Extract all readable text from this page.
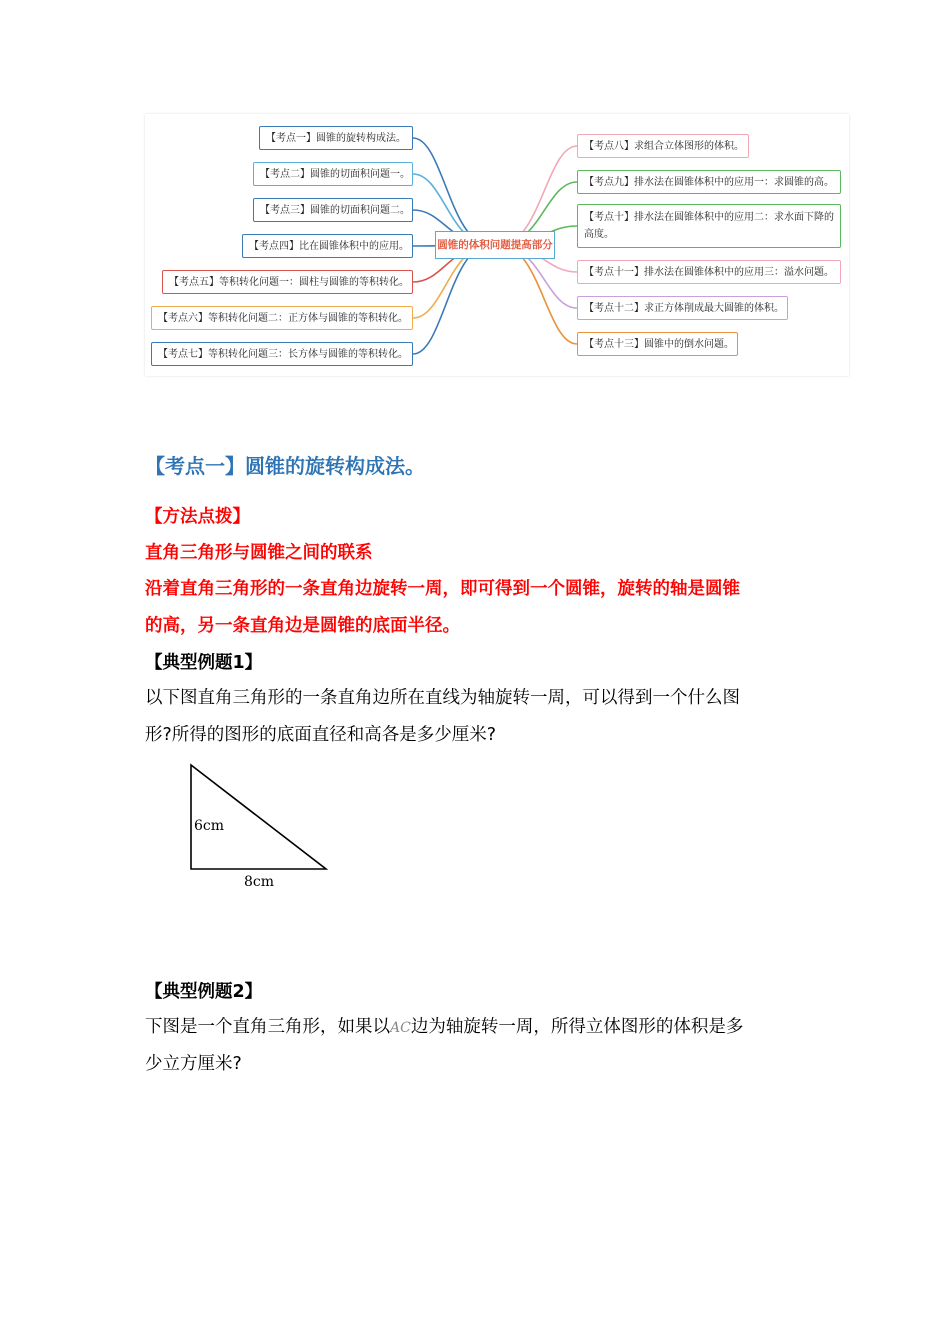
圆锥的体积问题提高部分
【考点一】圆锥的旋转构成法。
【考点二】圆锥的切面积问题一。
【考点三】圆锥的切面积问题二。
【考点四】比在圆锥体积中的应用。
【考点五】等积转化问题一：圆柱与圆锥的等积转化。
【考点六】等积转化问题二：正方体与圆锥的等积转化。
【考点七】等积转化问题三：长方体与圆锥的等积转化。
【考点八】求组合立体图形的体积。
【考点九】排水法在圆锥体积中的应用一：求圆锥的高。
【考点十】排水法在圆锥体积中的应用二：求水面下降的高度。
【考点十一】排水法在圆锥体积中的应用三：溢水问题。
【考点十二】求正方体削成最大圆锥的体积。
【考点十三】圆锥中的倒水问题。
【考点一】圆锥的旋转构成法。
【方法点拨】
直角三角形与圆锥之间的联系
沿着直角三角形的一条直角边旋转一周，即可得到一个圆锥，旋转的轴是圆锥
的高，另一条直角边是圆锥的底面半径。
【典型例题1】
以下图直角三角形的一条直角边所在直线为轴旋转一周，可以得到一个什么图
形?所得的图形的底面直径和高各是多少厘米?
6cm
8cm
【典型例题2】
下图是一个直角三角形，如果以AC边为轴旋转一周，所得立体图形的体积是多
少立方厘米?
